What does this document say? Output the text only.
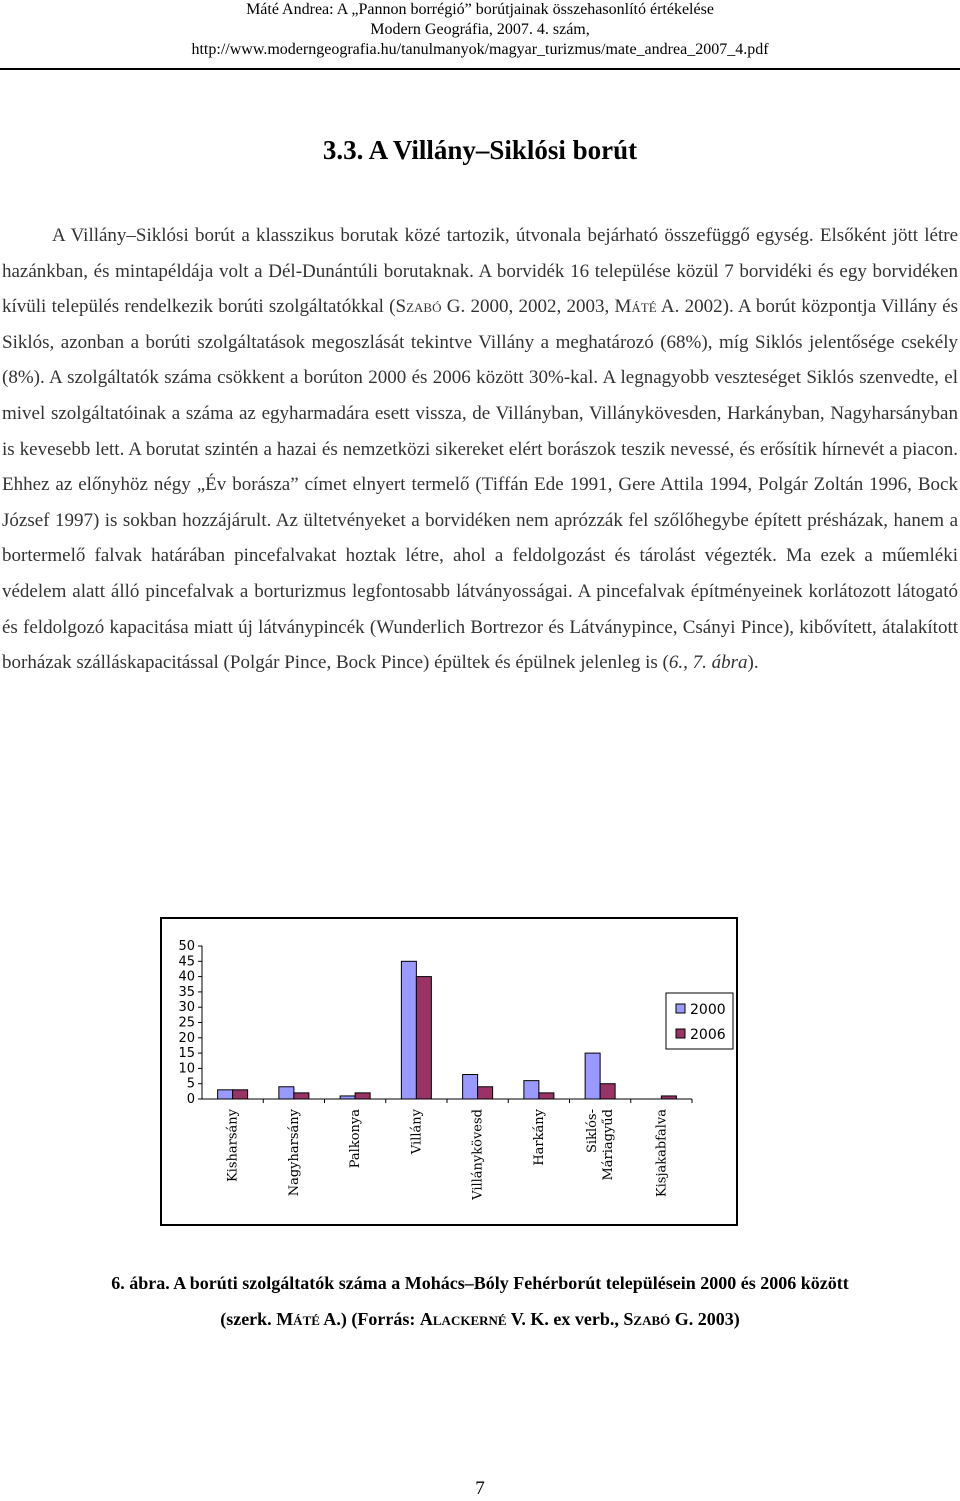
Máté Andrea: A „Pannon borrégió” borútjainak összehasonlító értékelése
Modern Geográfia, 2007. 4. szám,
http://www.moderngeografia.hu/tanulmanyok/magyar_turizmus/mate_andrea_2007_4.pdf
3.3. A Villány–Siklósi borút
A Villány–Siklósi borút a klasszikus borutak közé tartozik, útvonala bejárható összefüggő egység. Elsőként jött létre hazánkban, és mintapéldája volt a Dél-Dunántúli borutaknak. A borvidék 16 települése közül 7 borvidéki és egy borvidéken kívüli település rendelkezik borúti szolgáltatókkal (Szabó G. 2000, 2002, 2003, Máté A. 2002). A borút központja Villány és Siklós, azonban a borúti szolgáltatások megoszlását tekintve Villány a meghatározó (68%), míg Siklós jelentősége csekély (8%). A szolgáltatók száma csökkent a borúton 2000 és 2006 között 30%-kal. A legnagyobb veszteséget Siklós szenvedte, el mivel szolgáltatóinak a száma az egyharmadára esett vissza, de Villányban, Villánykövesden, Harkányban, Nagyharsányban is kevesebb lett. A borutat szintén a hazai és nemzetközi sikereket elért borászok teszik nevessé, és erősítik hírnevét a piacon. Ehhez az előnyhöz négy „Év borásza” címet elnyert termelő (Tiffán Ede 1991, Gere Attila 1994, Polgár Zoltán 1996, Bock József 1997) is sokban hozzájárult. Az ültetvényeket a borvidéken nem aprózzák fel szőlőhegybe épített présházak, hanem a bortermelő falvak határában pincefalvakat hoztak létre, ahol a feldolgozást és tárolást végezték. Ma ezek a műemléki védelem alatt álló pincefalvak a borturizmus legfontosabb látványosságai. A pincefalvak építményeinek korlátozott látogató és feldolgozó kapacitása miatt új látványpincék (Wunderlich Bortrezor és Látványpince, Csányi Pince), kibővített, átalakított borházak szálláskapacitással (Polgár Pince, Bock Pince) épültek és épülnek jelenleg is (6., 7. ábra).
50
45
40
35
30
25
20
15
10
5
0
Kisharsány	Nagyharsány	Palkonya	Villány	Villánykövesd	Harkány	Siklós- Máriagyűd	Kisjakabfalva
2000
2006
6. ábra. A borúti szolgáltatók száma a Mohács–Bóly Fehérborút településein 2000 és 2006 között
(szerk. Máté A.) (Forrás: Alackerné V. K. ex verb., Szabó G. 2003)
7
